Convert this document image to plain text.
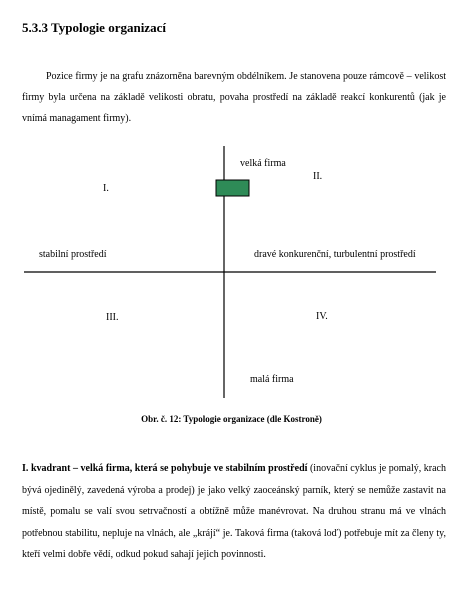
5.3.3 Typologie organizací

Pozice firmy je na grafu znázorněna barevným obdélníkem. Je stanovena pouze rámcově – velikost firmy byla určena na základě velikosti obratu, povaha prostředí na základě reakcí konkurentů (jak je vnímá managament firmy).

velká firma
I.
II.
stabilní prostředí	dravé konkurenční, turbulentní prostředí
III.	IV.
malá firma
Obr. č. 12: Typologie organizace (dle Kostroně)

I. kvadrant – velká firma, která se pohybuje ve stabilním prostředí (inovační cyklus je pomalý, krach bývá ojedinělý, zavedená výroba a prodej) je jako velký zaoceánský parník, který se nemůže zastavit na místě, pomalu se valí svou setrvačností a obtížně může manévrovat. Na druhou stranu má ve vlnách potřebnou stabilitu, nepluje na vlnách, ale „krájí“ je. Taková firma (taková loď) potřebuje mít za členy ty, kteří velmi dobře vědí, odkud pokud sahají jejich povinnosti.
